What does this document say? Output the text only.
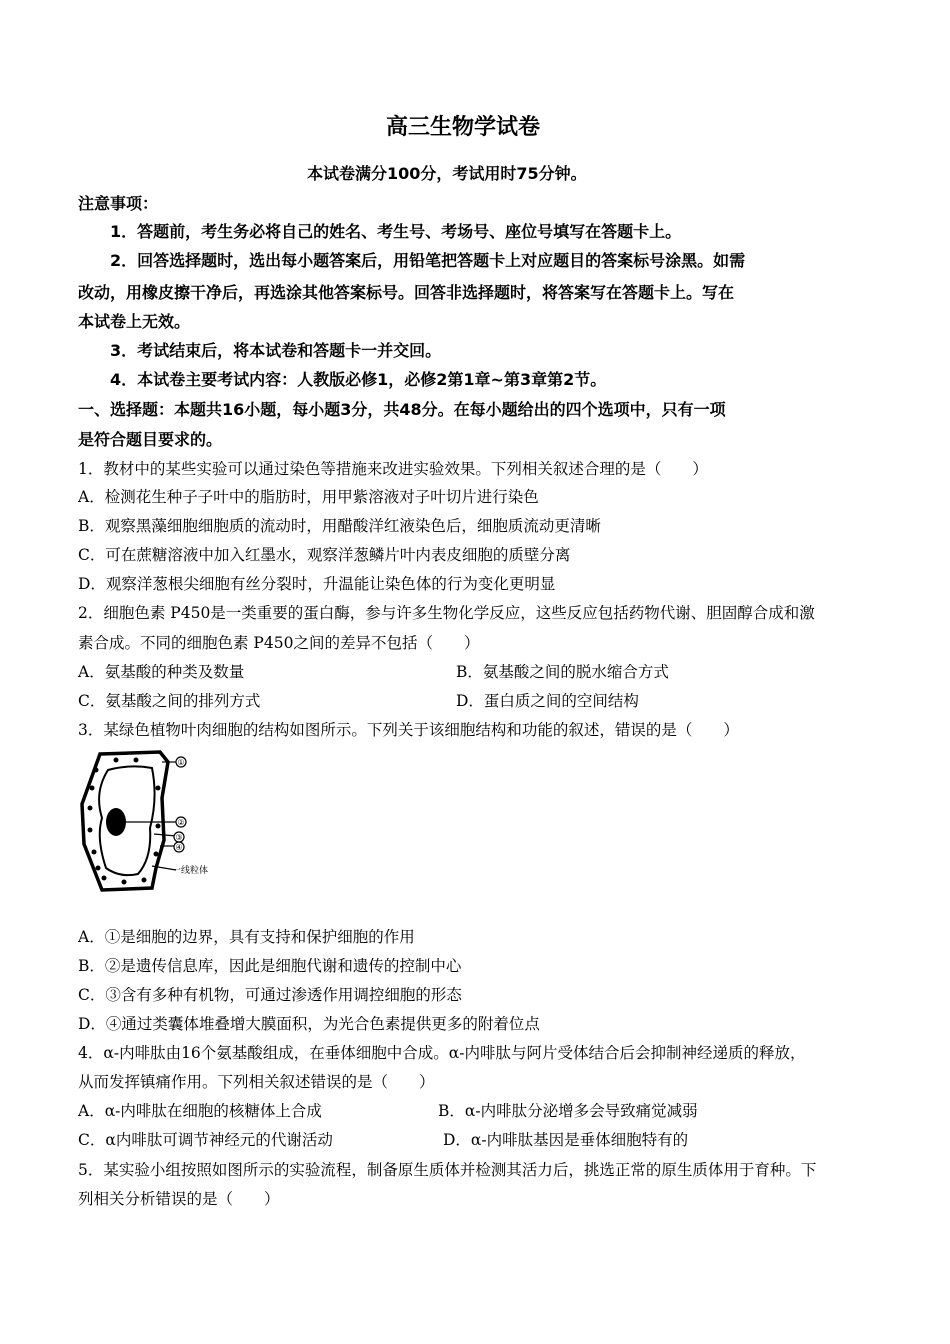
高三生物学试卷
本试卷满分100分，考试用时75分钟。
注意事项：
1．答题前，考生务必将自己的姓名、考生号、考场号、座位号填写在答题卡上。
2．回答选择题时，选出每小题答案后，用铅笔把答题卡上对应题目的答案标号涂黑。如需
改动，用橡皮擦干净后，再选涂其他答案标号。回答非选择题时，将答案写在答题卡上。写在
本试卷上无效。
3．考试结束后，将本试卷和答题卡一并交回。
4．本试卷主要考试内容：人教版必修1，必修2第1章~第3章第2节。
一、选择题：本题共16小题，每小题3分，共48分。在每小题给出的四个选项中，只有一项
是符合题目要求的。
1．教材中的某些实验可以通过染色等措施来改进实验效果。下列相关叙述合理的是（　　）
A．检测花生种子子叶中的脂肪时，用甲紫溶液对子叶切片进行染色
B．观察黑藻细胞细胞质的流动时，用醋酸洋红液染色后，细胞质流动更清晰
C．可在蔗糖溶液中加入红墨水，观察洋葱鳞片叶内表皮细胞的质壁分离
D．观察洋葱根尖细胞有丝分裂时，升温能让染色体的行为变化更明显
2．细胞色素 P450是一类重要的蛋白酶，参与许多生物化学反应，这些反应包括药物代谢、胆固醇合成和激
素合成。不同的细胞色素 P450之间的差异不包括（　　）
A．氨基酸的种类及数量	B．氨基酸之间的脱水缩合方式
C．氨基酸之间的排列方式	D．蛋白质之间的空间结构
3．某绿色植物叶肉细胞的结构如图所示。下列关于该细胞结构和功能的叙述，错误的是（　　）
①
②
③
④
一线粒体
A．①是细胞的边界，具有支持和保护细胞的作用
B．②是遗传信息库，因此是细胞代谢和遗传的控制中心
C．③含有多种有机物，可通过渗透作用调控细胞的形态
D．④通过类囊体堆叠增大膜面积，为光合色素提供更多的附着位点
4．α-内啡肽由16个氨基酸组成，在垂体细胞中合成。α-内啡肽与阿片受体结合后会抑制神经递质的释放，
从而发挥镇痛作用。下列相关叙述错误的是（　　）
A．α-内啡肽在细胞的核糖体上合成	B．α-内啡肽分泌增多会导致痛觉减弱
C．α内啡肽可调节神经元的代谢活动	D．α-内啡肽基因是垂体细胞特有的
5．某实验小组按照如图所示的实验流程，制备原生质体并检测其活力后，挑选正常的原生质体用于育种。下
列相关分析错误的是（　　）
